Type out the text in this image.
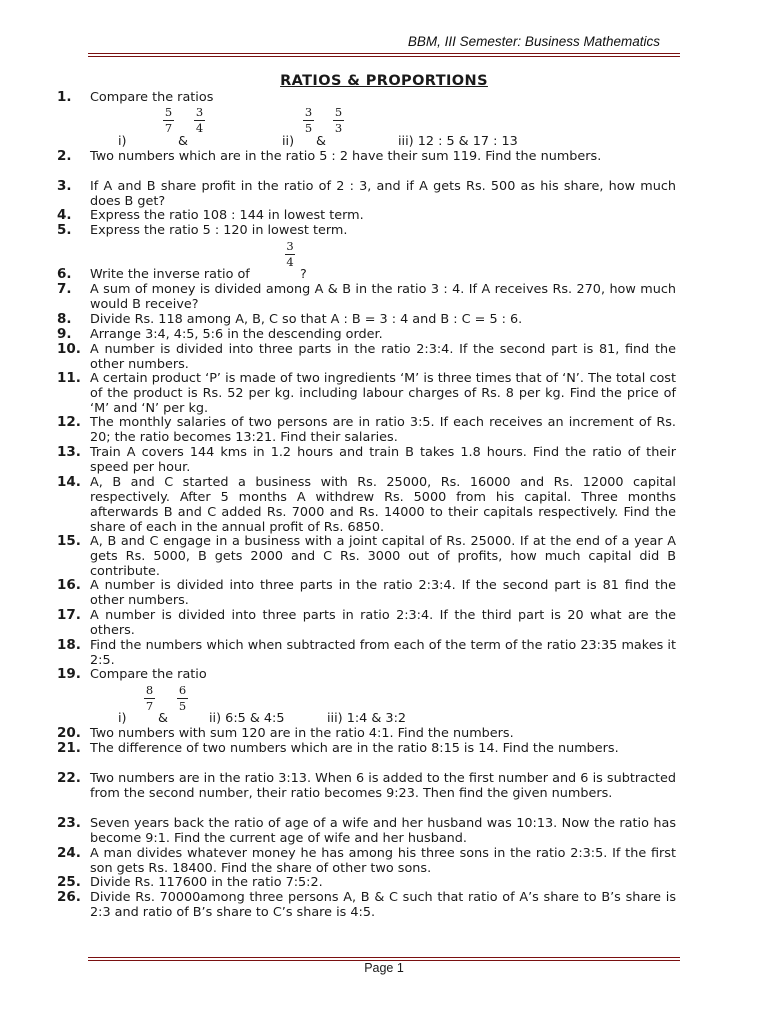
BBM, III Semester: Business Mathematics
RATIOS & PROPORTIONS
1. Compare the ratios
5
7
3
4
3
5
5
3
i)	&	ii) &	iii) 12 : 5 & 17 : 13
2. Two numbers which are in the ratio 5 : 2 have their sum 119. Find the numbers.
3. If A and B share profit in the ratio of 2 : 3, and if A gets Rs. 500 as his share, how much does B get?
4. Express the ratio 108 : 144 in lowest term.
5. Express the ratio 5 : 120 in lowest term.
3
4
6. Write the inverse ratio of	?
7. A sum of money is divided among A & B in the ratio 3 : 4. If A receives Rs. 270, how much would B receive?
8. Divide Rs. 118 among A, B, C so that A : B = 3 : 4 and B : C = 5 : 6.
9. Arrange 3:4, 4:5, 5:6 in the descending order.
10. A number is divided into three parts in the ratio 2:3:4. If the second part is 81, find the other numbers.
11. A certain product ‘P’ is made of two ingredients ‘M’ is three times that of ‘N’. The total cost of the product is Rs. 52 per kg. including labour charges of Rs. 8 per kg. Find the price of ‘M’ and ‘N’ per kg.
12. The monthly salaries of two persons are in ratio 3:5. If each receives an increment of Rs. 20; the ratio becomes 13:21. Find their salaries.
13. Train A covers 144 kms in 1.2 hours and train B takes 1.8 hours. Find the ratio of their speed per hour.
14. A, B and C started a business with Rs. 25000, Rs. 16000 and Rs. 12000 capital respectively. After 5 months A withdrew Rs. 5000 from his capital. Three months afterwards B and C added Rs. 7000 and Rs. 14000 to their capitals respectively. Find the share of each in the annual profit of Rs. 6850.
15. A, B and C engage in a business with a joint capital of Rs. 25000. If at the end of a year A gets Rs. 5000, B gets 2000 and C Rs. 3000 out of profits, how much capital did B contribute.
16. A number is divided into three parts in the ratio 2:3:4. If the second part is 81 find the other numbers.
17. A number is divided into three parts in ratio 2:3:4. If the third part is 20 what are the others.
18. Find the numbers which when subtracted from each of the term of the ratio 23:35 makes it 2:5.
19. Compare the ratio
8
7
6
5
i) &	ii) 6:5 & 4:5	iii) 1:4 & 3:2
20. Two numbers with sum 120 are in the ratio 4:1. Find the numbers.
21. The difference of two numbers which are in the ratio 8:15 is 14. Find the numbers.
22. Two numbers are in the ratio 3:13. When 6 is added to the first number and 6 is subtracted from the second number, their ratio becomes 9:23. Then find the given numbers.
23. Seven years back the ratio of age of a wife and her husband was 10:13. Now the ratio has become 9:1. Find the current age of wife and her husband.
24. A man divides whatever money he has among his three sons in the ratio 2:3:5. If the first son gets Rs. 18400. Find the share of other two sons.
25. Divide Rs. 117600 in the ratio 7:5:2.
26. Divide Rs. 70000among three persons A, B & C such that ratio of A’s share to B’s share is 2:3 and ratio of B’s share to C’s share is 4:5.
Page 1
